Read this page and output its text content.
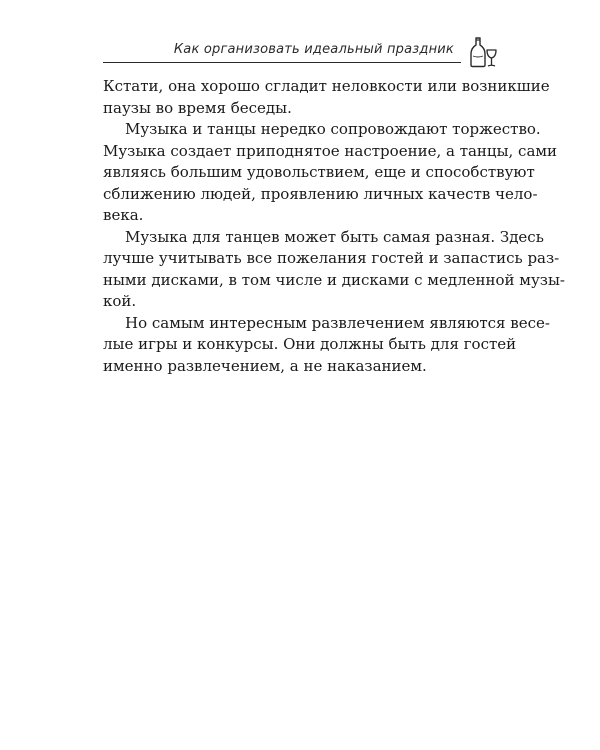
Как организовать идеальный праздник
Кстати, она хорошо сгладит неловкости или возникшие
паузы во время беседы.
Музыка и танцы нередко сопровождают торжество.
Музыка создает приподнятое настроение, а танцы, сами
являясь большим удовольствием, еще и способствуют
сближению людей, проявлению личных качеств чело-
века.
Музыка для танцев может быть самая разная. Здесь
лучше учитывать все пожелания гостей и запастись раз-
ными дисками, в том числе и дисками с медленной музы-
кой.
Но самым интересным развлечением являются весе-
лые игры и конкурсы. Они должны быть для гостей
именно развлечением, а не наказанием.
